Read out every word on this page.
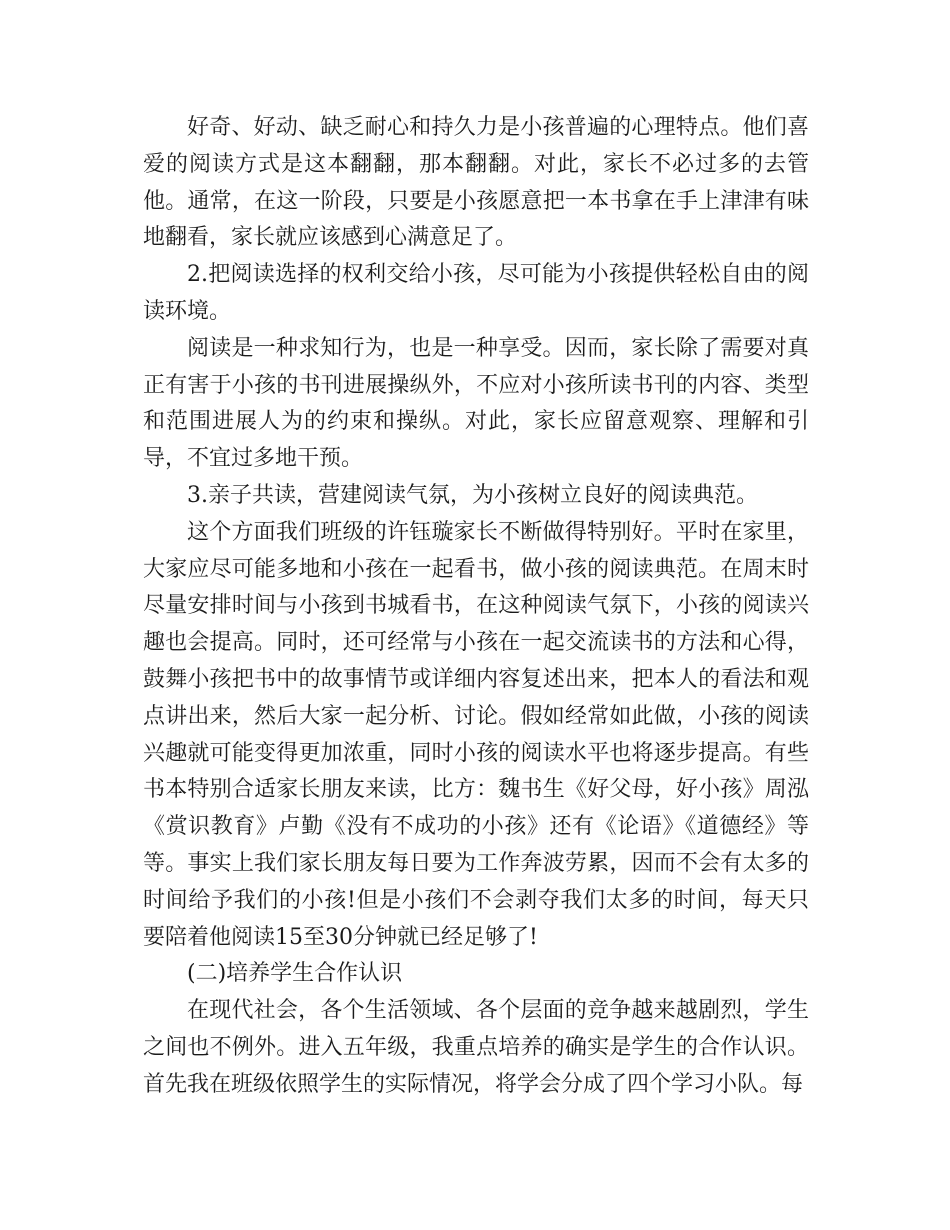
好奇、好动、缺乏耐心和持久力是小孩普遍的心理特点。他们喜爱的阅读方式是这本翻翻，那本翻翻。对此，家长不必过多的去管他。通常，在这一阶段，只要是小孩愿意把一本书拿在手上津津有味地翻看，家长就应该感到心满意足了。

2.把阅读选择的权利交给小孩，尽可能为小孩提供轻松自由的阅读环境。

阅读是一种求知行为，也是一种享受。因而，家长除了需要对真正有害于小孩的书刊进展操纵外，不应对小孩所读书刊的内容、类型和范围进展人为的约束和操纵。对此，家长应留意观察、理解和引导，不宜过多地干预。

3.亲子共读，营建阅读气氛，为小孩树立良好的阅读典范。

这个方面我们班级的许钰璇家长不断做得特别好。平时在家里，大家应尽可能多地和小孩在一起看书，做小孩的阅读典范。在周末时尽量安排时间与小孩到书城看书，在这种阅读气氛下，小孩的阅读兴趣也会提高。同时，还可经常与小孩在一起交流读书的方法和心得，鼓舞小孩把书中的故事情节或详细内容复述出来，把本人的看法和观点讲出来，然后大家一起分析、讨论。假如经常如此做，小孩的阅读兴趣就可能变得更加浓重，同时小孩的阅读水平也将逐步提高。有些书本特别合适家长朋友来读，比方：魏书生《好父母，好小孩》周泓《赏识教育》卢勤《没有不成功的小孩》还有《论语》《道德经》等等。事实上我们家长朋友每日要为工作奔波劳累，因而不会有太多的时间给予我们的小孩!但是小孩们不会剥夺我们太多的时间，每天只要陪着他阅读15至30分钟就已经足够了!

(二)培养学生合作认识

在现代社会，各个生活领域、各个层面的竞争越来越剧烈，学生之间也不例外。进入五年级，我重点培养的确实是学生的合作认识。首先我在班级依照学生的实际情况，将学会分成了四个学习小队。每
